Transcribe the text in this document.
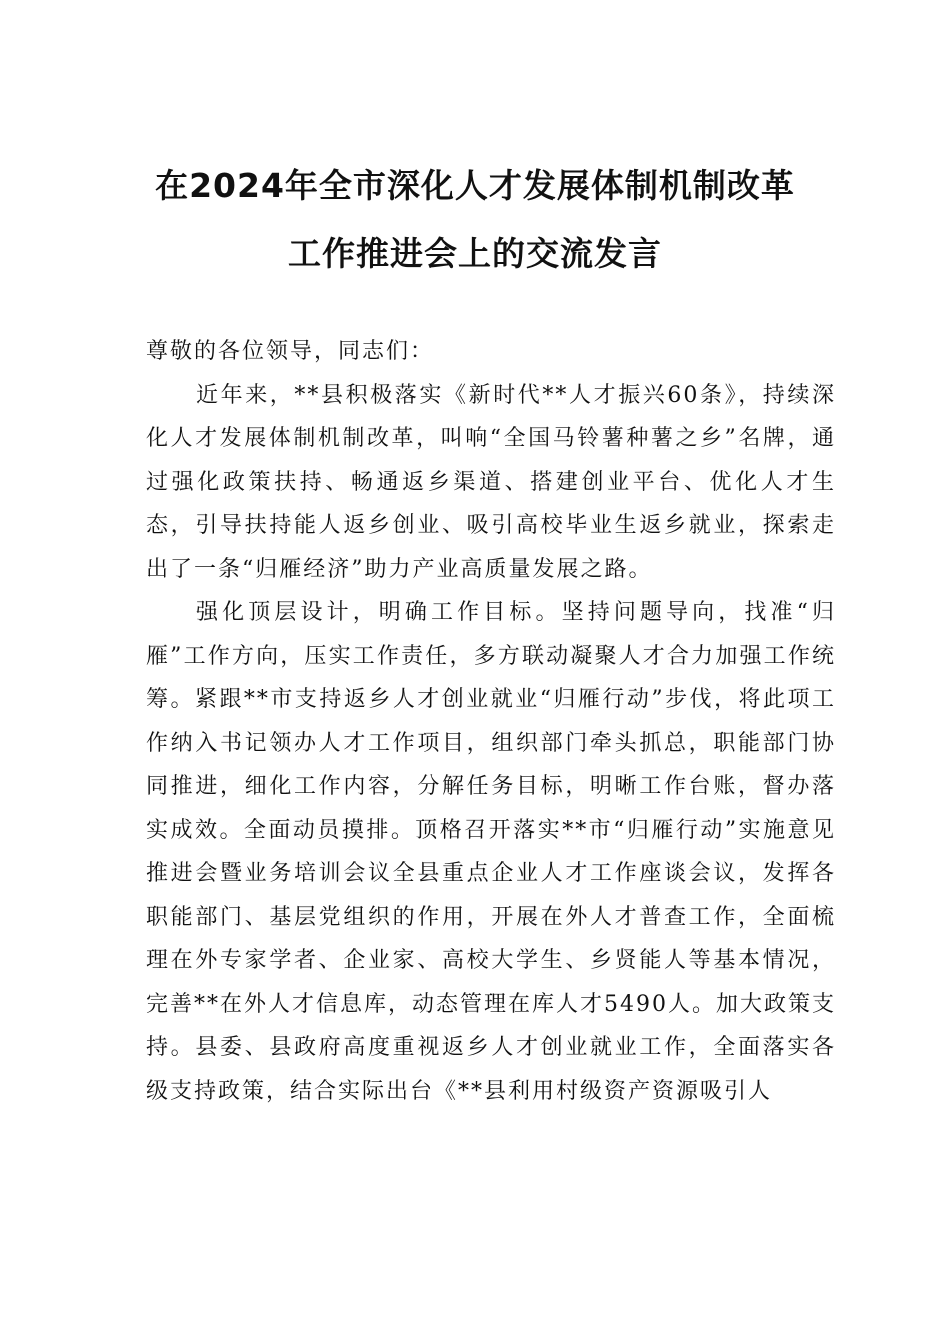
在2024年全市深化人才发展体制机制改革
工作推进会上的交流发言

尊敬的各位领导，同志们：

近年来，**县积极落实《新时代**人才振兴60条》，持续深化人才发展体制机制改革，叫响“全国马铃薯种薯之乡”名牌，通过强化政策扶持、畅通返乡渠道、搭建创业平台、优化人才生态，引导扶持能人返乡创业、吸引高校毕业生返乡就业，探索走出了一条“归雁经济”助力产业高质量发展之路。

强化顶层设计，明确工作目标。坚持问题导向，找准“归雁”工作方向，压实工作责任，多方联动凝聚人才合力加强工作统筹。紧跟**市支持返乡人才创业就业“归雁行动”步伐，将此项工作纳入书记领办人才工作项目，组织部门牵头抓总，职能部门协同推进，细化工作内容，分解任务目标，明晰工作台账，督办落实成效。全面动员摸排。顶格召开落实**市“归雁行动”实施意见推进会暨业务培训会议全县重点企业人才工作座谈会议，发挥各职能部门、基层党组织的作用，开展在外人才普查工作，全面梳理在外专家学者、企业家、高校大学生、乡贤能人等基本情况，完善**在外人才信息库，动态管理在库人才5490人。加大政策支持。县委、县政府高度重视返乡人才创业就业工作，全面落实各级支持政策，结合实际出台《**县利用村级资产资源吸引人
